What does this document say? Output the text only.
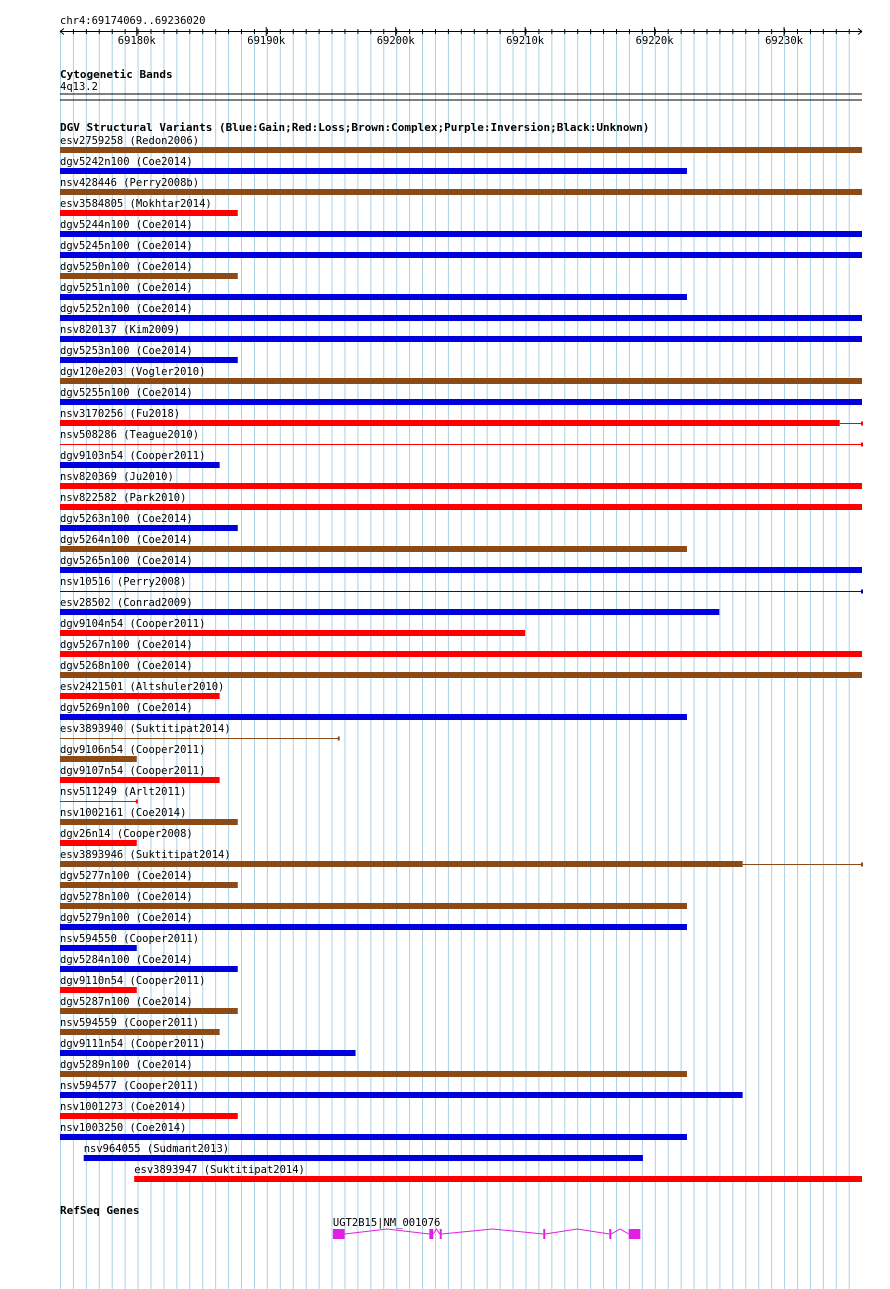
chr4:69174069..69236020
69180k	69190k	69200k	69210k	69220k	69230k
Cytogenetic Bands
4q13.2
DGV Structural Variants (Blue:Gain;Red:Loss;Brown:Complex;Purple:Inversion;Black:Unknown)
esv2759258 (Redon2006)
dgv5242n100 (Coe2014)
nsv428446 (Perry2008b)
esv3584805 (Mokhtar2014)
dgv5244n100 (Coe2014)
dgv5245n100 (Coe2014)
dgv5250n100 (Coe2014)
dgv5251n100 (Coe2014)
dgv5252n100 (Coe2014)
nsv820137 (Kim2009)
dgv5253n100 (Coe2014)
dgv120e203 (Vogler2010)
dgv5255n100 (Coe2014)
nsv3170256 (Fu2018)
nsv508286 (Teague2010)
dgv9103n54 (Cooper2011)
nsv820369 (Ju2010)
nsv822582 (Park2010)
dgv5263n100 (Coe2014)
dgv5264n100 (Coe2014)
dgv5265n100 (Coe2014)
nsv10516 (Perry2008)
esv28502 (Conrad2009)
dgv9104n54 (Cooper2011)
dgv5267n100 (Coe2014)
dgv5268n100 (Coe2014)
esv2421501 (Altshuler2010)
dgv5269n100 (Coe2014)
esv3893940 (Suktitipat2014)
dgv9106n54 (Cooper2011)
dgv9107n54 (Cooper2011)
nsv511249 (Arlt2011)
nsv1002161 (Coe2014)
dgv26n14 (Cooper2008)
esv3893946 (Suktitipat2014)
dgv5277n100 (Coe2014)
dgv5278n100 (Coe2014)
dgv5279n100 (Coe2014)
nsv594550 (Cooper2011)
dgv5284n100 (Coe2014)
dgv9110n54 (Cooper2011)
dgv5287n100 (Coe2014)
nsv594559 (Cooper2011)
dgv9111n54 (Cooper2011)
dgv5289n100 (Coe2014)
nsv594577 (Cooper2011)
nsv1001273 (Coe2014)
nsv1003250 (Coe2014)
nsv964055 (Sudmant2013)
esv3893947 (Suktitipat2014)
RefSeq Genes
UGT2B15|NM_001076
